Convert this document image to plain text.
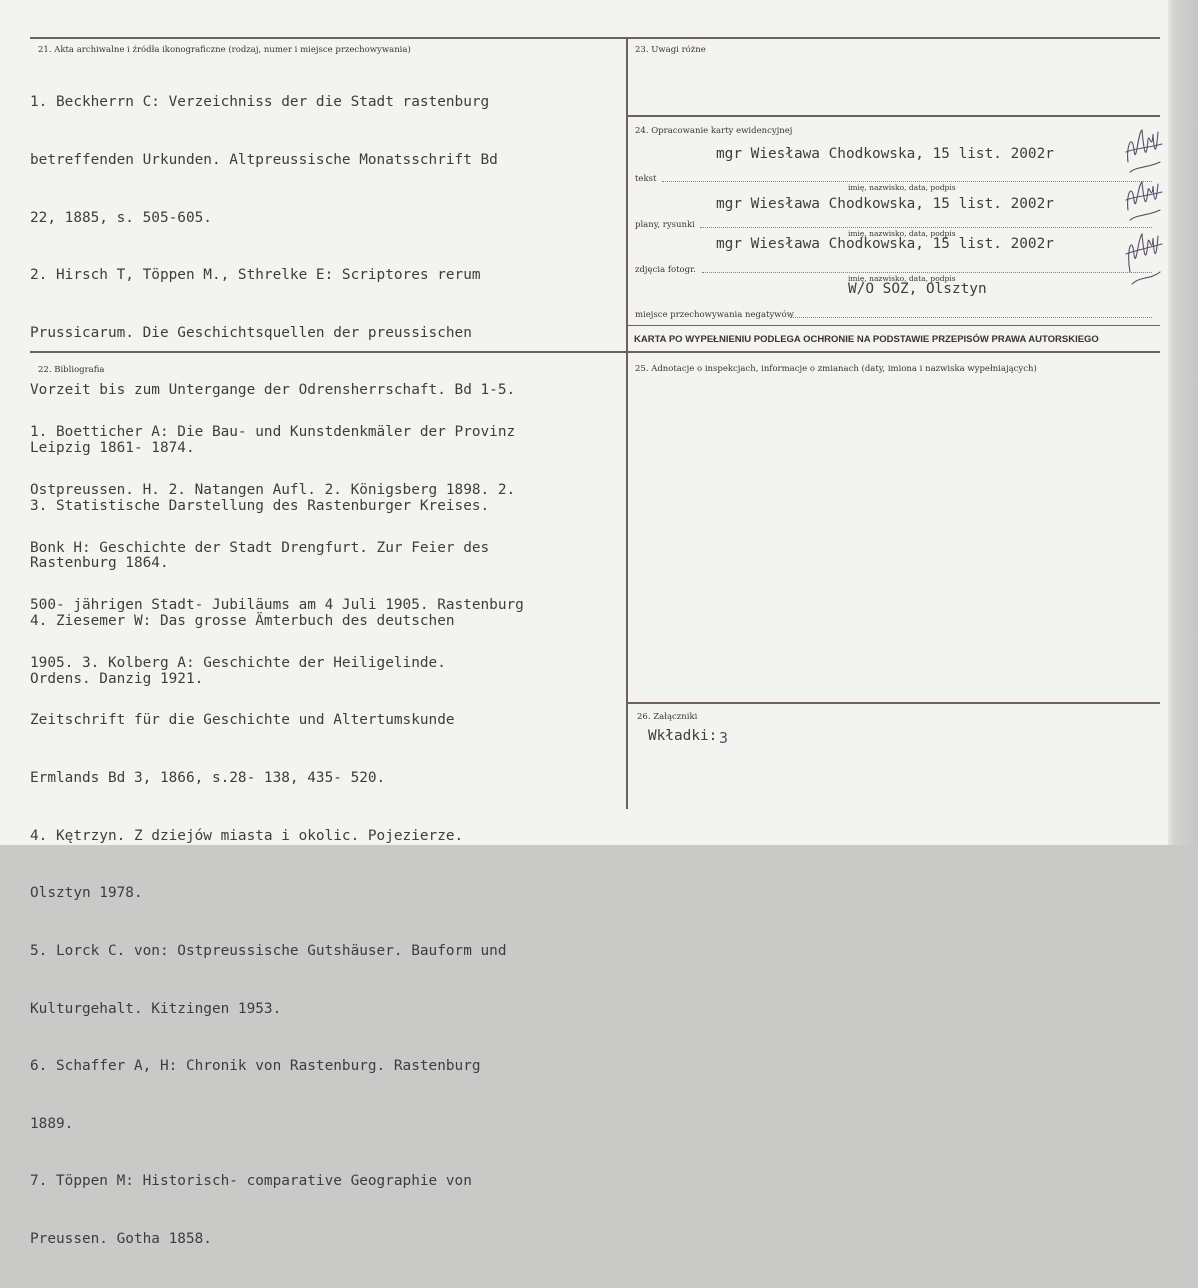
21. Akta archiwalne i źródła ikonograficzne (rodzaj, numer i miejsce przechowywania)

1. Beckherrn C: Verzeichniss der die Stadt rastenburg

betreffenden Urkunden. Altpreussische Monatsschrift Bd

22, 1885, s. 505-605.

2. Hirsch T, Töppen M., Sthrelke E: Scriptores rerum

Prussicarum. Die Geschichtsquellen der preussischen

Vorzeit bis zum Untergange der Odrensherrschaft. Bd 1-5.

Leipzig 1861- 1874.

3. Statistische Darstellung des Rastenburger Kreises.

Rastenburg 1864.

4. Ziesemer W: Das grosse Ämterbuch des deutschen

Ordens. Danzig 1921.

22. Bibliografia

1. Boetticher A: Die Bau- und Kunstdenkmäler der Provinz

Ostpreussen. H. 2. Natangen Aufl. 2. Königsberg 1898. 2.

Bonk H: Geschichte der Stadt Drengfurt. Zur Feier des

500- jährigen Stadt- Jubiläums am 4 Juli 1905. Rastenburg

1905. 3. Kolberg A: Geschichte der Heiligelinde.

Zeitschrift für die Geschichte und Altertumskunde

Ermlands Bd 3, 1866, s.28- 138, 435- 520.

4. Kętrzyn. Z dziejów miasta i okolic. Pojezierze.

Olsztyn 1978.

5. Lorck C. von: Ostpreussische Gutshäuser. Bauform und

Kulturgehalt. Kitzingen 1953.

6. Schaffer A, H: Chronik von Rastenburg. Rastenburg

1889.

7. Töppen M: Historisch- comparative Geographie von

Preussen. Gotha 1858.

23. Uwagi różne
24. Opracowanie karty ewidencyjnej
mgr Wiesława Chodkowska, 15 list. 2002r
tekst
imię, nazwisko, data, podpis
mgr Wiesława Chodkowska, 15 list. 2002r
plany, rysunki
imię, nazwisko, data, podpis
mgr Wiesława Chodkowska, 15 list. 2002r
zdjęcia fotogr.
imię, nazwisko, data, podpis
W/O SOZ, Olsztyn
miejsce przechowywania negatywów
KARTA PO WYPEŁNIENIU PODLEGA OCHRONIE NA PODSTAWIE PRZEPISÓW PRAWA AUTORSKIEGO
25. Adnotacje o inspekcjach, informacje o zmianach (daty, imiona i nazwiska wypełniających)
26. Załączniki
Wkładki: 3
